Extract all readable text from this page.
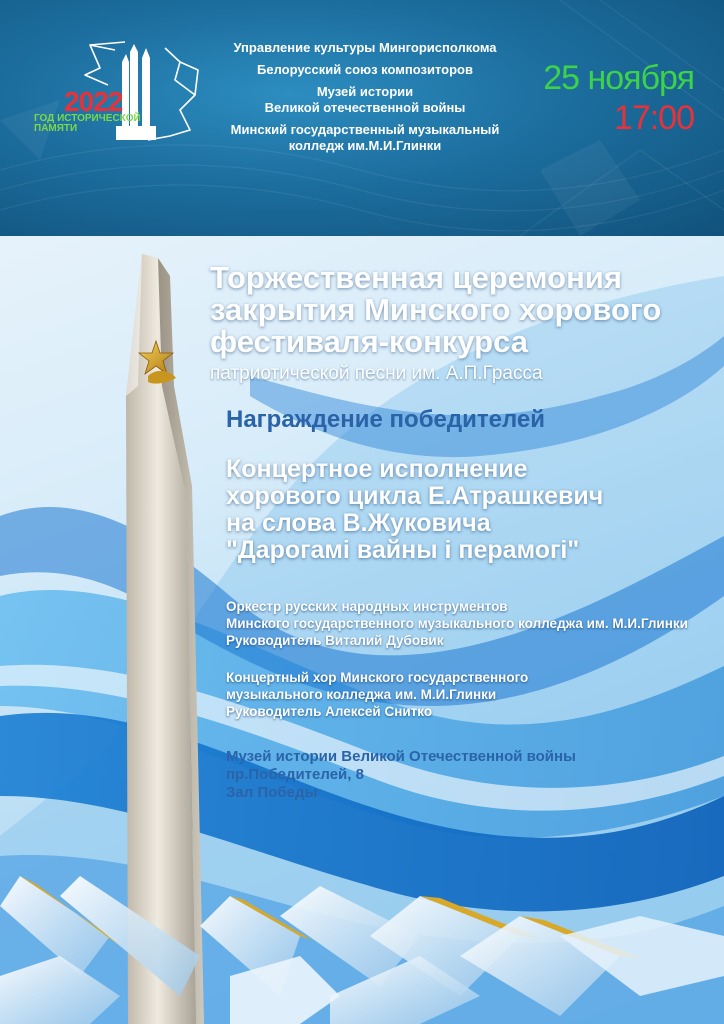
2022

ГОД ИСТОРИЧЕСКОЙ ПАМЯТИ

Управление культуры Мингорисполкома

Белорусский союз композиторов

Музей истории

Великой отечественной войны

Минский государственный музыкальный

колледж им.М.И.Глинки

25 ноября

17:00

Торжественная церемония
закрытия Минского хорового
фестиваля-конкурса

патриотической песни им. А.П.Грасса

Награждение победителей

Концертное исполнение

хорового цикла Е.Атрашкевич

на слова В.Жуковича

"Дарогамі вайны і перамогі"

Оркестр русских народных инструментов

Минского государственного музыкального колледжа им. М.И.Глинки

Руководитель Виталий Дубовик

Концертный хор Минского государственного

музыкального колледжа им. М.И.Глинки

Руководитель Алексей Снитко

Музей истории Великой Отечественной войны

пр.Победителей, 8

Зал Победы
